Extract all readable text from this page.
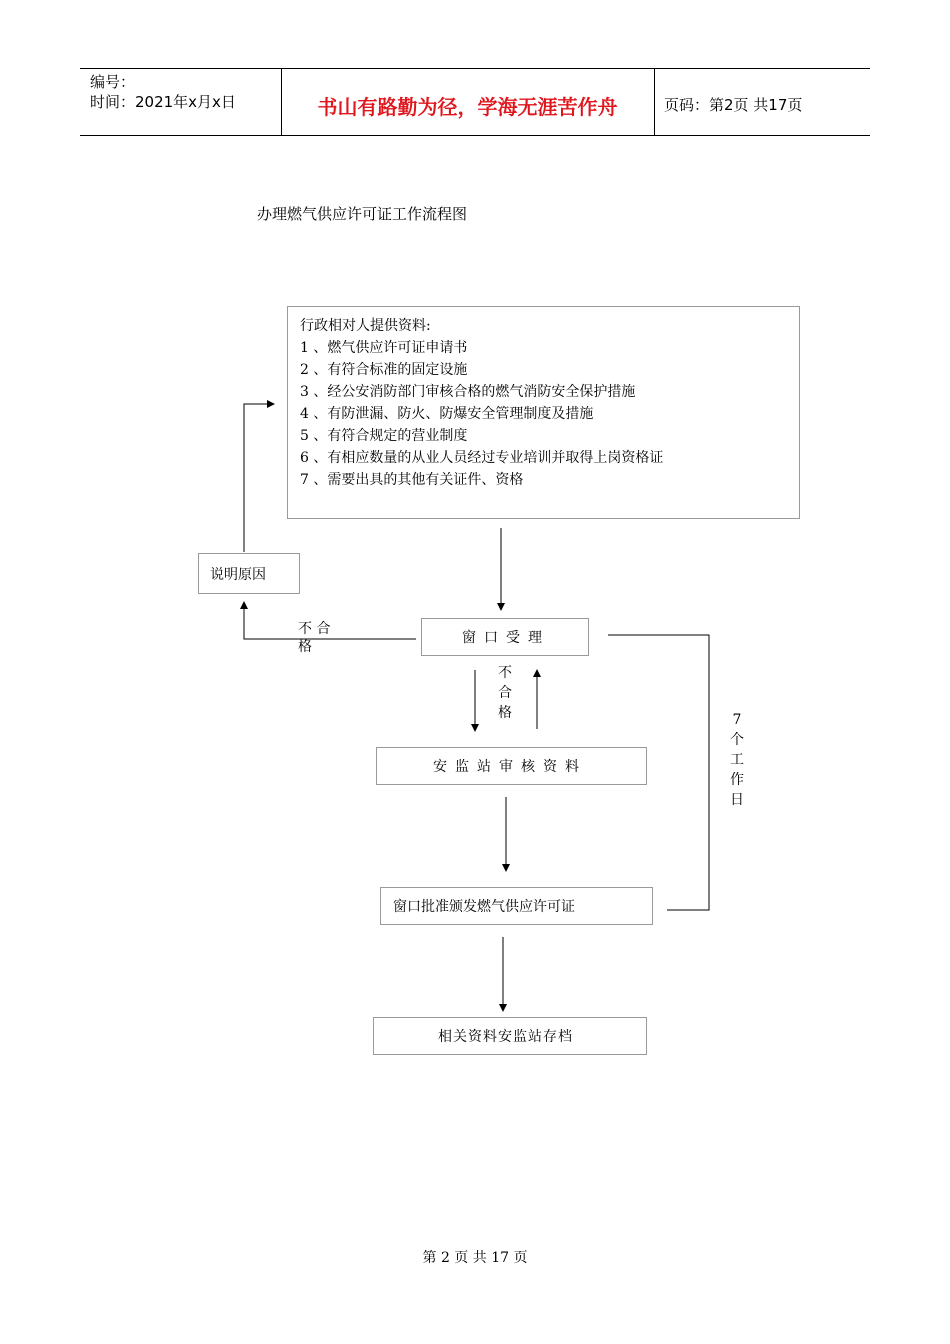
编号：
时间：2021年x月x日	书山有路勤为径，学海无涯苦作舟	页码：第2页 共17页
办理燃气供应许可证工作流程图
行政相对人提供资料:
1 、燃气供应许可证申请书
2 、有符合标准的固定设施
3 、经公安消防部门审核合格的燃气消防安全保护措施
4 、有防泄漏、防火、防爆安全管理制度及措施
5 、有符合规定的营业制度
6 、有相应数量的从业人员经过专业培训并取得上岗资格证
7 、需要出具的其他有关证件、资格
说明原因
窗口受理
安监站审核资料
窗口批准颁发燃气供应许可证
相关资料安监站存档
不 合
格
不
合
格	7
个
工
作
日
第 2 页 共 17 页
